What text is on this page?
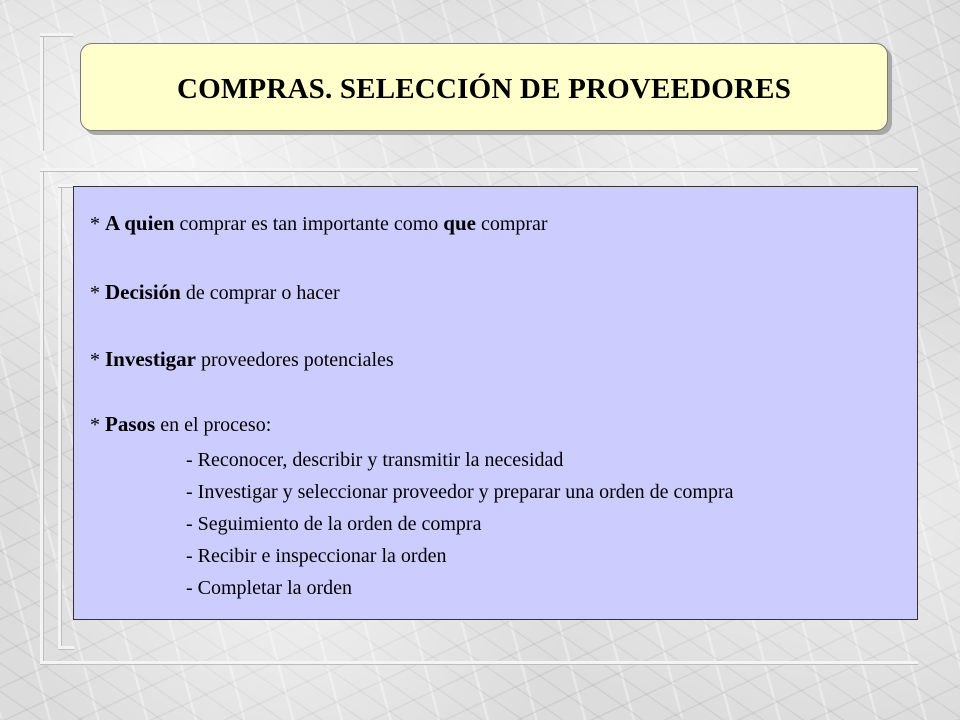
COMPRAS. SELECCIÓN DE PROVEEDORES
* A quien comprar es tan importante como que comprar
* Decisión de comprar o hacer
* Investigar proveedores potenciales
* Pasos en el proceso:
- Reconocer, describir y transmitir la necesidad
- Investigar y seleccionar proveedor y preparar una orden de compra
- Seguimiento de la orden de compra
- Recibir e inspeccionar la orden
- Completar la orden
